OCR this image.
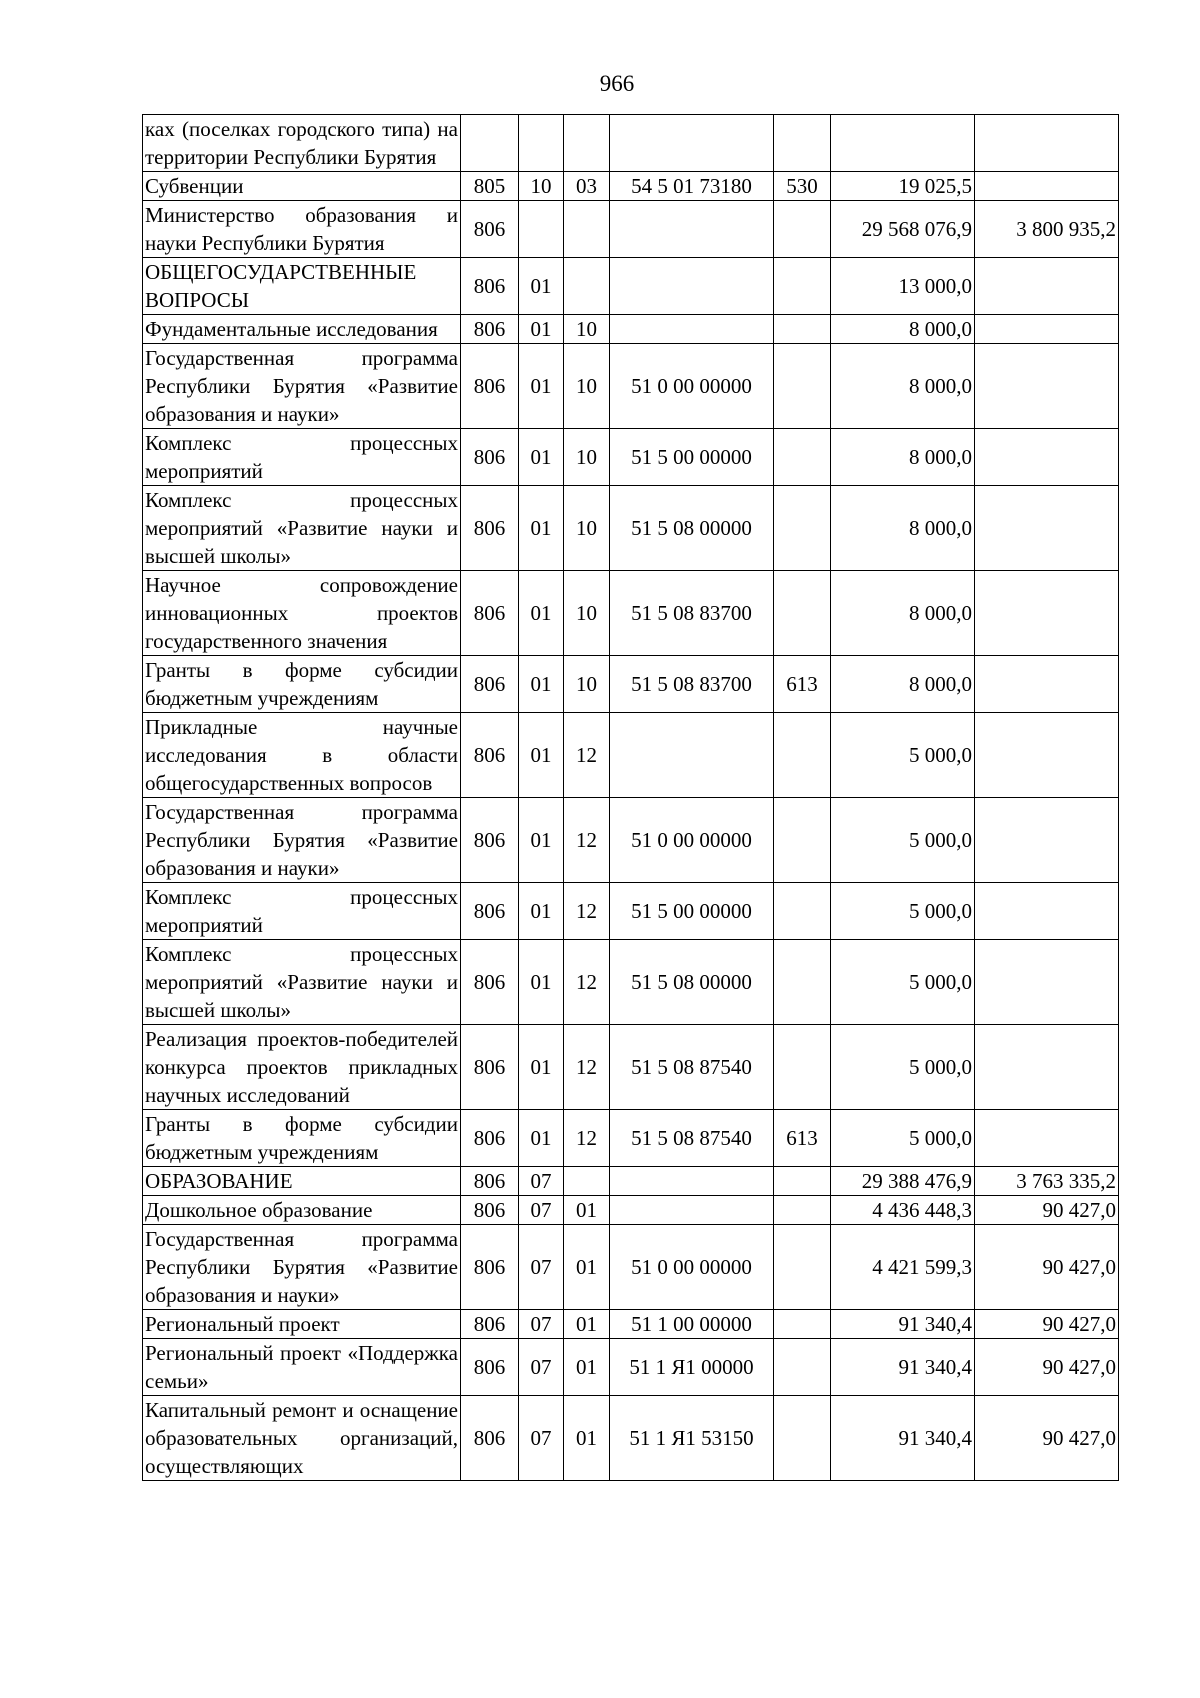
966
ках (поселках городского типа) на территории Республики Бурятия							
Субвенции	805	10	03	54 5 01 73180	530	19 025,5	
Министерство образования и науки Республики Бурятия	806					29 568 076,9	3 800 935,2
ОБЩЕГОСУДАРСТВЕННЫЕ ВОПРОСЫ	806	01				13 000,0	
Фундаментальные исследования	806	01	10			8 000,0	
Государственная программа Республики Бурятия «Развитие образования и науки»	806	01	10	51 0 00 00000		8 000,0	
Комплекс процессных мероприятий	806	01	10	51 5 00 00000		8 000,0	
Комплекс процессных мероприятий «Развитие науки и высшей школы»	806	01	10	51 5 08 00000		8 000,0	
Научное сопровождение инновационных проектов государственного значения	806	01	10	51 5 08 83700		8 000,0	
Гранты в форме субсидии бюджетным учреждениям	806	01	10	51 5 08 83700	613	8 000,0	
Прикладные научные исследования в области общегосударственных вопросов	806	01	12			5 000,0	
Государственная программа Республики Бурятия «Развитие образования и науки»	806	01	12	51 0 00 00000		5 000,0	
Комплекс процессных мероприятий	806	01	12	51 5 00 00000		5 000,0	
Комплекс процессных мероприятий «Развитие науки и высшей школы»	806	01	12	51 5 08 00000		5 000,0	
Реализация проектов-победителей конкурса проектов прикладных научных исследований	806	01	12	51 5 08 87540		5 000,0	
Гранты в форме субсидии бюджетным учреждениям	806	01	12	51 5 08 87540	613	5 000,0	
ОБРАЗОВАНИЕ	806	07				29 388 476,9	3 763 335,2
Дошкольное образование	806	07	01			4 436 448,3	90 427,0
Государственная программа Республики Бурятия «Развитие образования и науки»	806	07	01	51 0 00 00000		4 421 599,3	90 427,0
Региональный проект	806	07	01	51 1 00 00000		91 340,4	90 427,0
Региональный проект «Поддержка семьи»	806	07	01	51 1 Я1 00000		91 340,4	90 427,0
Капитальный ремонт и оснащение образовательных организаций, осуществляющих	806	07	01	51 1 Я1 53150		91 340,4	90 427,0
